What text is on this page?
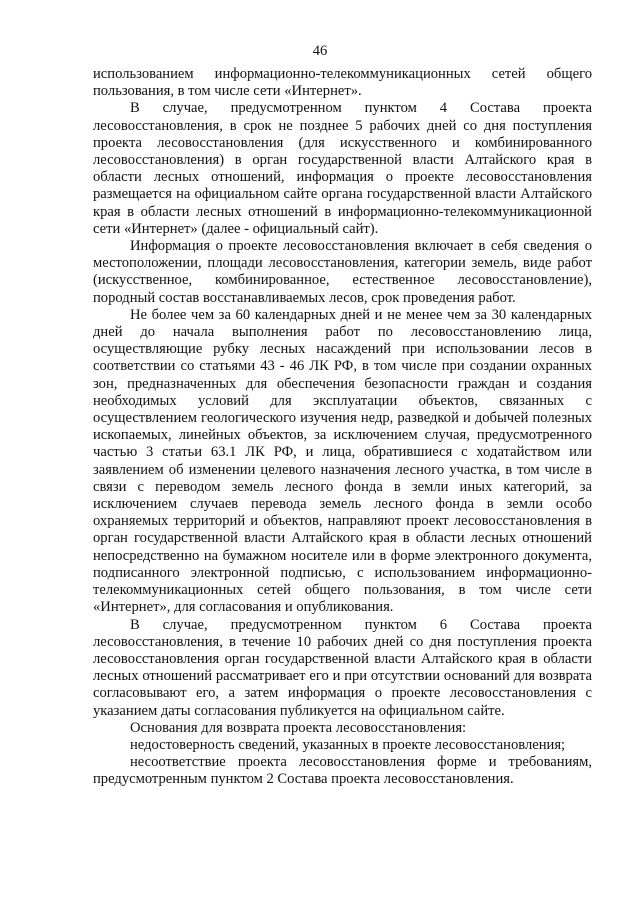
46

использованием информационно-телекоммуникационных сетей общего пользования, в том числе сети «Интернет».

В случае, предусмотренном пунктом 4 Состава проекта лесовосстановления, в срок не позднее 5 рабочих дней со дня поступления проекта лесовосстановления (для искусственного и комбинированного лесовосстановления) в орган государственной власти Алтайского края в области лесных отношений, информация о проекте лесовосстановления размещается на официальном сайте органа государственной власти Алтайского края в области лесных отношений в информационно-телекоммуникационной сети «Интернет» (далее - официальный сайт).

Информация о проекте лесовосстановления включает в себя сведения о местоположении, площади лесовосстановления, категории земель, виде работ (искусственное, комбинированное, естественное лесовосстановление), породный состав восстанавливаемых лесов, срок проведения работ.

Не более чем за 60 календарных дней и не менее чем за 30 календарных дней до начала выполнения работ по лесовосстановлению лица, осуществляющие рубку лесных насаждений при использовании лесов в соответствии со статьями 43 - 46 ЛК РФ, в том числе при создании охранных зон, предназначенных для обеспечения безопасности граждан и создания необходимых условий для эксплуатации объектов, связанных с осуществлением геологического изучения недр, разведкой и добычей полезных ископаемых, линейных объектов, за исключением случая, предусмотренного частью 3 статьи 63.1 ЛК РФ, и лица, обратившиеся с ходатайством или заявлением об изменении целевого назначения лесного участка, в том числе в связи с переводом земель лесного фонда в земли иных категорий, за исключением случаев перевода земель лесного фонда в земли особо охраняемых территорий и объектов, направляют проект лесовосстановления в орган государственной власти Алтайского края в области лесных отношений непосредственно на бумажном носителе или в форме электронного документа, подписанного электронной подписью, с использованием информационно-телекоммуникационных сетей общего пользования, в том числе сети «Интернет», для согласования и опубликования.

В случае, предусмотренном пунктом 6 Состава проекта лесовосстановления, в течение 10 рабочих дней со дня поступления проекта лесовосстановления орган государственной власти Алтайского края в области лесных отношений рассматривает его и при отсутствии оснований для возврата согласовывают его, а затем информация о проекте лесовосстановления с указанием даты согласования публикуется на официальном сайте.

Основания для возврата проекта лесовосстановления:

недостоверность сведений, указанных в проекте лесовосстановления;

несоответствие проекта лесовосстановления форме и требованиям, предусмотренным пунктом 2 Состава проекта лесовосстановления.
